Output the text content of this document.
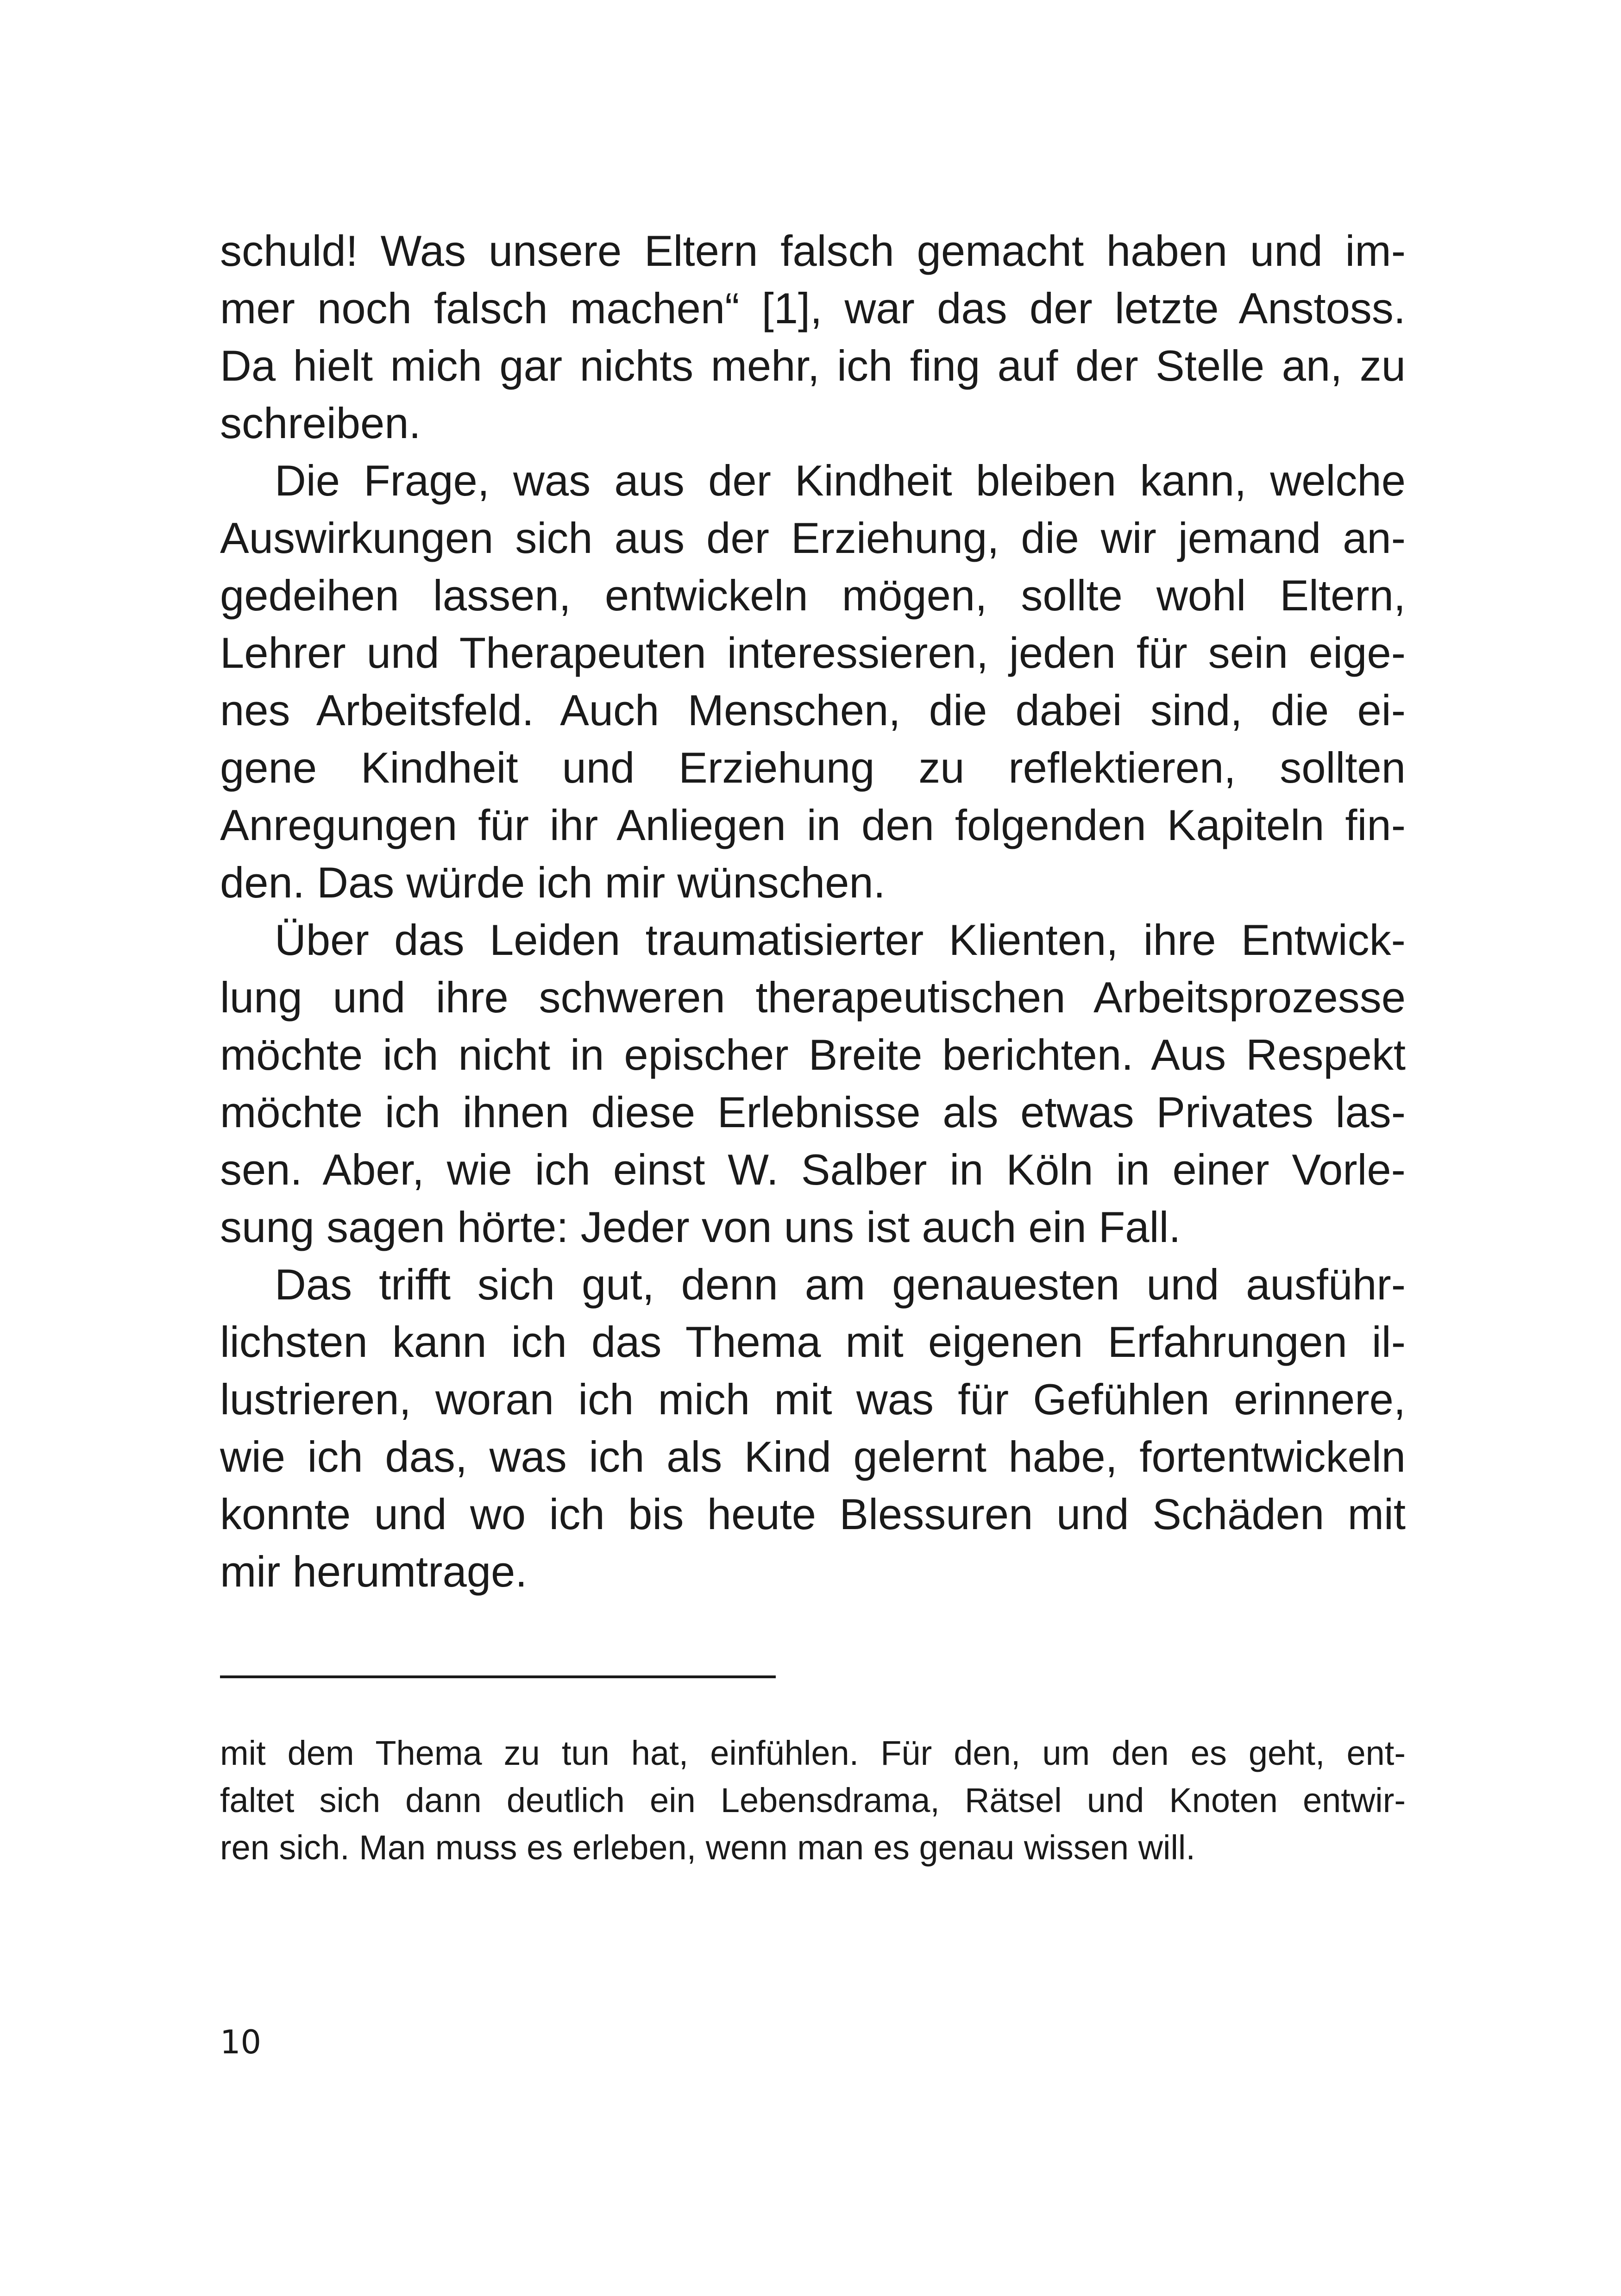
schuld! Was unsere Eltern falsch gemacht haben und im-
mer noch falsch machen“ [1], war das der letzte Anstoss.
Da hielt mich gar nichts mehr, ich fing auf der Stelle an, zu
schreiben.
Die Frage, was aus der Kindheit bleiben kann, welche
Auswirkungen sich aus der Erziehung, die wir jemand an-
gedeihen lassen, entwickeln mögen, sollte wohl Eltern,
Lehrer und Therapeuten interessieren, jeden für sein eige-
nes Arbeitsfeld. Auch Menschen, die dabei sind, die ei-
gene Kindheit und Erziehung zu reflektieren, sollten
Anregungen für ihr Anliegen in den folgenden Kapiteln fin-
den. Das würde ich mir wünschen.
Über das Leiden traumatisierter Klienten, ihre Entwick-
lung und ihre schweren therapeutischen Arbeitsprozesse
möchte ich nicht in epischer Breite berichten. Aus Respekt
möchte ich ihnen diese Erlebnisse als etwas Privates las-
sen. Aber, wie ich einst W. Salber in Köln in einer Vorle-
sung sagen hörte: Jeder von uns ist auch ein Fall.
Das trifft sich gut, denn am genauesten und ausführ-
lichsten kann ich das Thema mit eigenen Erfahrungen il-
lustrieren, woran ich mich mit was für Gefühlen erinnere,
wie ich das, was ich als Kind gelernt habe, fortentwickeln
konnte und wo ich bis heute Blessuren und Schäden mit
mir herumtrage.
mit dem Thema zu tun hat, einfühlen. Für den, um den es geht, ent-
faltet sich dann deutlich ein Lebensdrama, Rätsel und Knoten entwir-
ren sich. Man muss es erleben, wenn man es genau wissen will.
10
